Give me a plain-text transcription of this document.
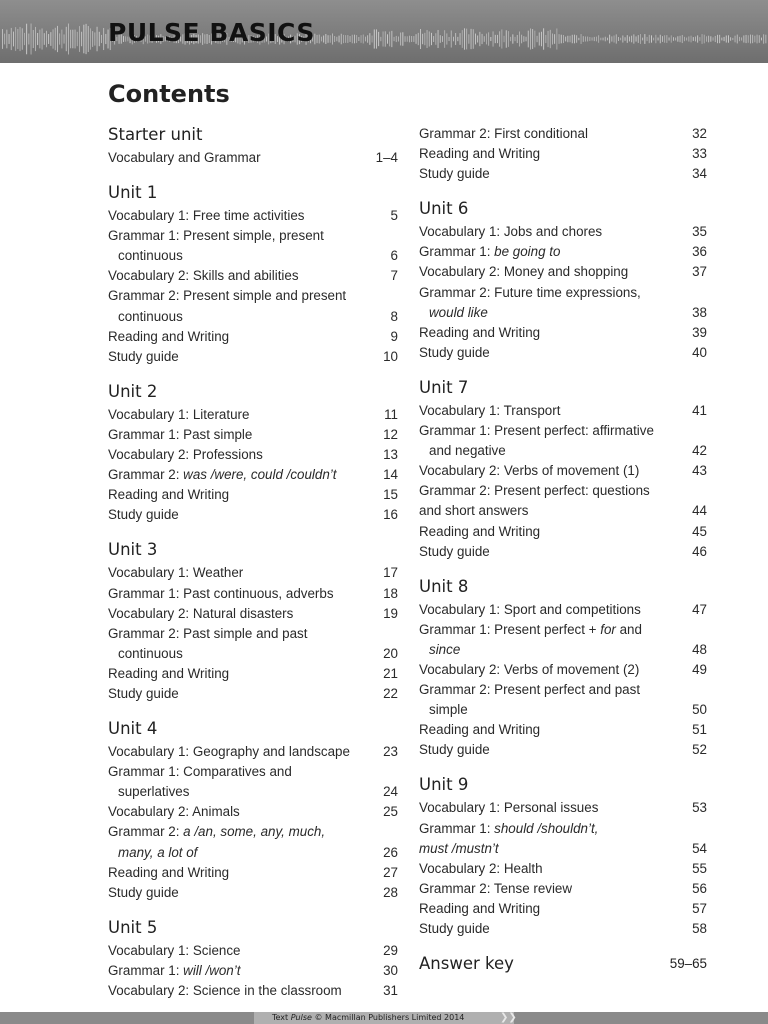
PULSE BASICS
Contents
Starter unit
Vocabulary and Grammar	1–4
Unit 1
Vocabulary 1: Free time activities	5
Grammar 1: Present simple, present
continuous	6
Vocabulary 2: Skills and abilities	7
Grammar 2: Present simple and present
continuous	8
Reading and Writing	9
Study guide	10
Unit 2
Vocabulary 1: Literature	11
Grammar 1: Past simple	12
Vocabulary 2: Professions	13
Grammar 2: was /were, could /couldn’t	14
Reading and Writing	15
Study guide	16
Unit 3
Vocabulary 1: Weather	17
Grammar 1: Past continuous, adverbs	18
Vocabulary 2: Natural disasters	19
Grammar 2: Past simple and past
continuous	20
Reading and Writing	21
Study guide	22
Unit 4
Vocabulary 1: Geography and landscape	23
Grammar 1: Comparatives and
superlatives	24
Vocabulary 2: Animals	25
Grammar 2: a /an, some, any, much,
many, a lot of	26
Reading and Writing	27
Study guide	28
Unit 5
Vocabulary 1: Science	29
Grammar 1: will /won’t	30
Vocabulary 2: Science in the classroom	31
Grammar 2: First conditional	32
Reading and Writing	33
Study guide	34
Unit 6
Vocabulary 1: Jobs and chores	35
Grammar 1: be going to	36
Vocabulary 2: Money and shopping	37
Grammar 2: Future time expressions,
would like	38
Reading and Writing	39
Study guide	40
Unit 7
Vocabulary 1: Transport	41
Grammar 1: Present perfect: affirmative
and negative	42
Vocabulary 2: Verbs of movement (1)	43
Grammar 2: Present perfect: questions
and short answers	44
Reading and Writing	45
Study guide	46
Unit 8
Vocabulary 1: Sport and competitions	47
Grammar 1: Present perfect + for and
since	48
Vocabulary 2: Verbs of movement (2)	49
Grammar 2: Present perfect and past
simple	50
Reading and Writing	51
Study guide	52
Unit 9
Vocabulary 1: Personal issues	53
Grammar 1: should /shouldn’t,
must /mustn’t	54
Vocabulary 2: Health	55
Grammar 2: Tense review	56
Reading and Writing	57
Study guide	58
Answer key	59–65
Text Pulse © Macmillan Publishers Limited 2014	❯❯
